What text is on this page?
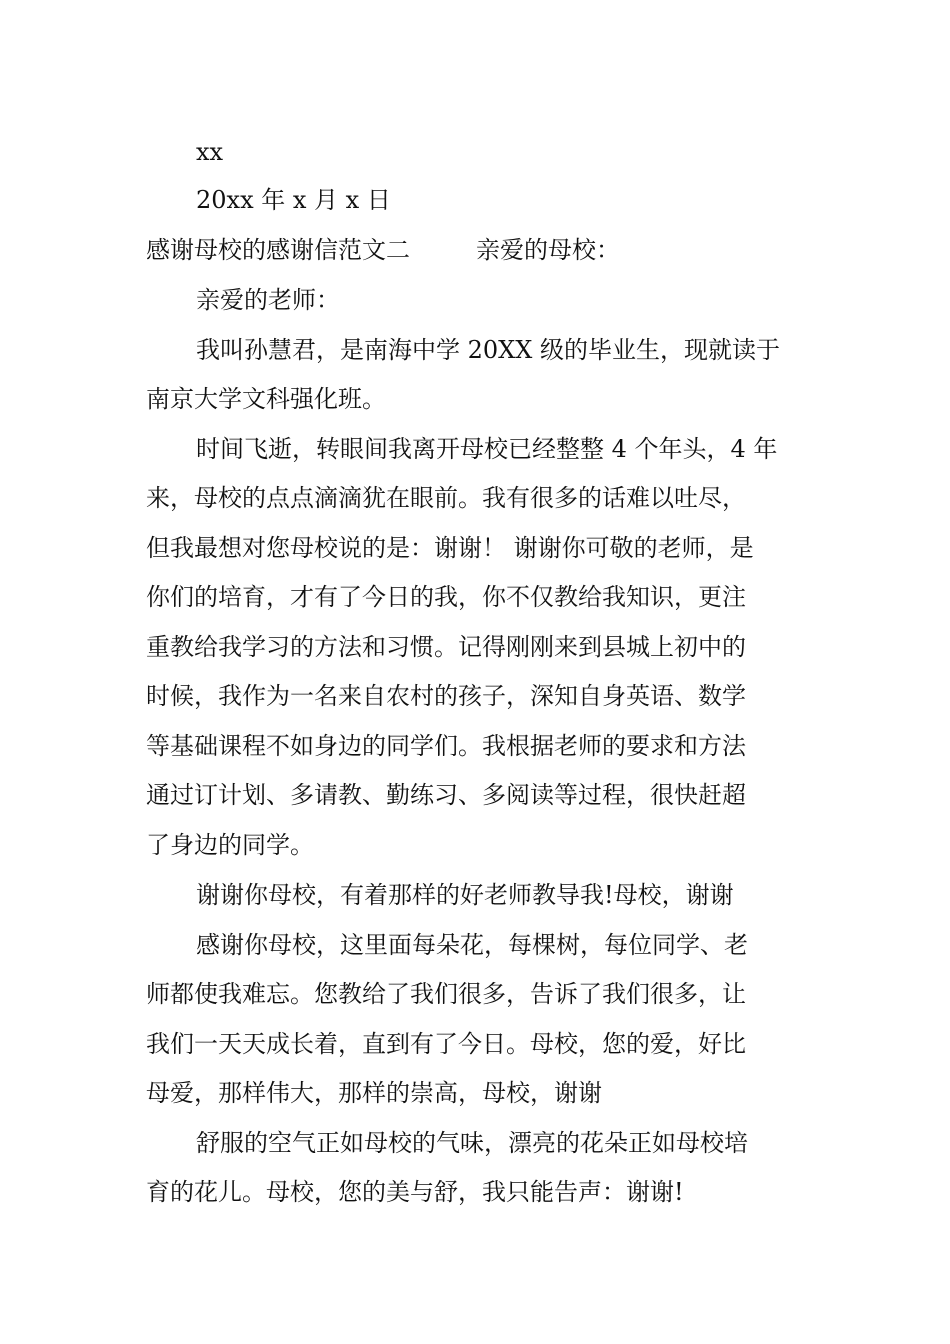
xx
20xx 年 x 月 x 日
感谢母校的感谢信范文二	亲爱的母校：
亲爱的老师：
我叫孙慧君，是南海中学 20XX 级的毕业生，现就读于
南京大学文科强化班。
时间飞逝，转眼间我离开母校已经整整 4 个年头，4 年
来，母校的点点滴滴犹在眼前。我有很多的话难以吐尽，
但我最想对您母校说的是：谢谢！ 谢谢你可敬的老师，是
你们的培育，才有了今日的我，你不仅教给我知识，更注
重教给我学习的方法和习惯。记得刚刚来到县城上初中的
时候，我作为一名来自农村的孩子，深知自身英语、数学
等基础课程不如身边的同学们。我根据老师的要求和方法
通过订计划、多请教、勤练习、多阅读等过程，很快赶超
了身边的同学。
谢谢你母校，有着那样的好老师教导我!母校，谢谢
感谢你母校，这里面每朵花，每棵树，每位同学、老
师都使我难忘。您教给了我们很多，告诉了我们很多，让
我们一天天成长着，直到有了今日。母校，您的爱，好比
母爱，那样伟大，那样的崇高，母校，谢谢
舒服的空气正如母校的气味，漂亮的花朵正如母校培
育的花儿。母校，您的美与舒，我只能告声：谢谢!
